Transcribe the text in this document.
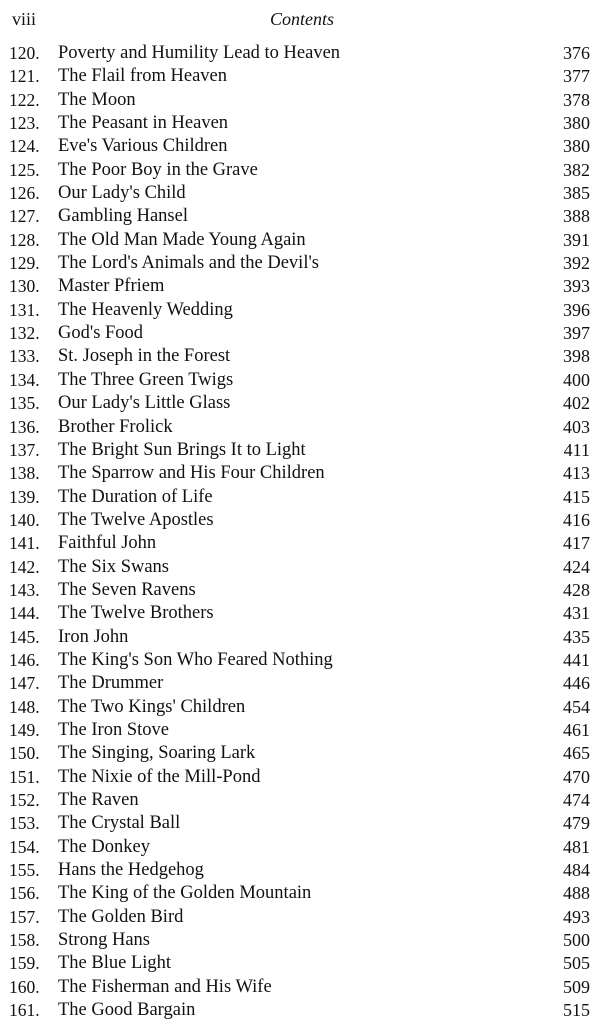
viii	Contents
120. Poverty and Humility Lead to Heaven	376
121. The Flail from Heaven	377
122. The Moon	378
123. The Peasant in Heaven	380
124. Eve's Various Children	380
125. The Poor Boy in the Grave	382
126. Our Lady's Child	385
127. Gambling Hansel	388
128. The Old Man Made Young Again	391
129. The Lord's Animals and the Devil's	392
130. Master Pfriem	393
131. The Heavenly Wedding	396
132. God's Food	397
133. St. Joseph in the Forest	398
134. The Three Green Twigs	400
135. Our Lady's Little Glass	402
136. Brother Frolick	403
137. The Bright Sun Brings It to Light	411
138. The Sparrow and His Four Children	413
139. The Duration of Life	415
140. The Twelve Apostles	416
141. Faithful John	417
142. The Six Swans	424
143. The Seven Ravens	428
144. The Twelve Brothers	431
145. Iron John	435
146. The King's Son Who Feared Nothing	441
147. The Drummer	446
148. The Two Kings' Children	454
149. The Iron Stove	461
150. The Singing, Soaring Lark	465
151. The Nixie of the Mill-Pond	470
152. The Raven	474
153. The Crystal Ball	479
154. The Donkey	481
155. Hans the Hedgehog	484
156. The King of the Golden Mountain	488
157. The Golden Bird	493
158. Strong Hans	500
159. The Blue Light	505
160. The Fisherman and His Wife	509
161. The Good Bargain	515
